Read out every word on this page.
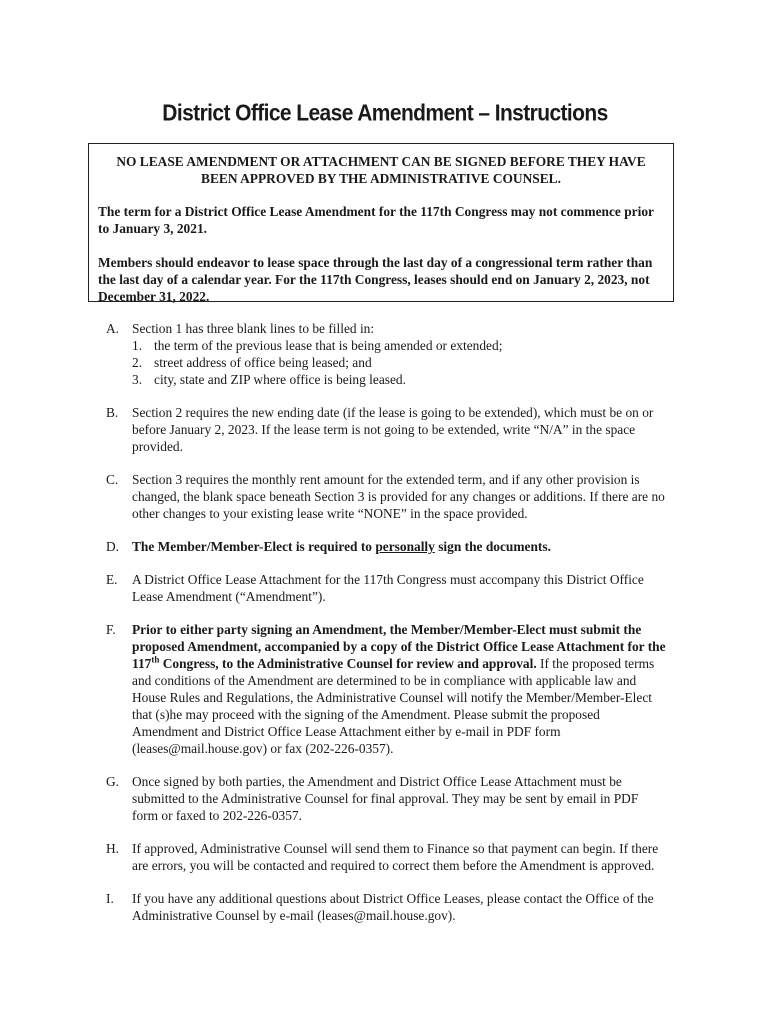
District Office Lease Amendment – Instructions
NO LEASE AMENDMENT OR ATTACHMENT CAN BE SIGNED BEFORE THEY HAVE BEEN APPROVED BY THE ADMINISTRATIVE COUNSEL.

The term for a District Office Lease Amendment for the 117th Congress may not commence prior to January 3, 2021.

Members should endeavor to lease space through the last day of a congressional term rather than the last day of a calendar year. For the 117th Congress, leases should end on January 2, 2023, not December 31, 2022.

A. Section 1 has three blank lines to be filled in:
1. the term of the previous lease that is being amended or extended;
2. street address of office being leased; and
3. city, state and ZIP where office is being leased.
B.	Section 2 requires the new ending date (if the lease is going to be extended), which must be on or before January 2, 2023. If the lease term is not going to be extended, write “N/A” in the space provided.
C.	Section 3 requires the monthly rent amount for the extended term, and if any other provision is changed, the blank space beneath Section 3 is provided for any changes or additions. If there are no other changes to your existing lease write “NONE” in the space provided.
D. The Member/Member-Elect is required to personally sign the documents.
E.	A District Office Lease Attachment for the 117th Congress must accompany this District Office Lease Amendment (“Amendment”).
F.	Prior to either party signing an Amendment, the Member/Member-Elect must submit the proposed Amendment, accompanied by a copy of the District Office Lease Attachment for the 117th Congress, to the Administrative Counsel for review and approval. If the proposed terms and conditions of the Amendment are determined to be in compliance with applicable law and House Rules and Regulations, the Administrative Counsel will notify the Member/Member-Elect that (s)he may proceed with the signing of the Amendment. Please submit the proposed Amendment and District Office Lease Attachment either by e-mail in PDF form (leases@mail.house.gov) or fax (202-226-0357).
G. Once signed by both parties, the Amendment and District Office Lease Attachment must be submitted to the Administrative Counsel for final approval. They may be sent by email in PDF form or faxed to 202-226-0357.
H. If approved, Administrative Counsel will send them to Finance so that payment can begin. If there are errors, you will be contacted and required to correct them before the Amendment is approved.
I.	If you have any additional questions about District Office Leases, please contact the Office of the Administrative Counsel by e-mail (leases@mail.house.gov).
